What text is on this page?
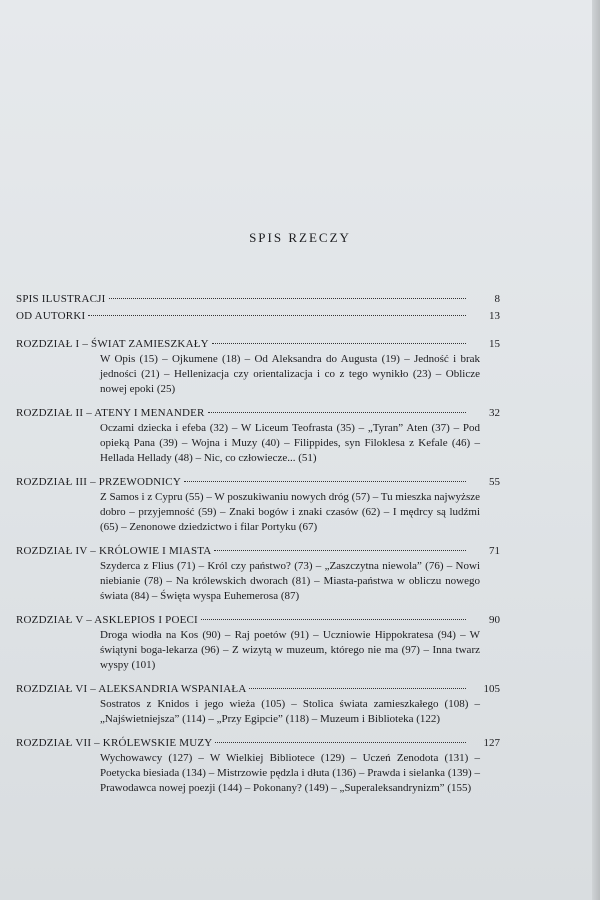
SPIS RZECZY
SPIS ILUSTRACJI	8
OD AUTORKI	13
ROZDZIAŁ I – ŚWIAT ZAMIESZKAŁY	15
W Opis (15) – Ojkumene (18) – Od Aleksandra do Augusta (19) – Jedność i brak jedności (21) – Hellenizacja czy orientalizacja i co z tego wynikło (23) – Oblicze nowej epoki (25)
ROZDZIAŁ II – ATENY I MENANDER	32
Oczami dziecka i efeba (32) – W Liceum Teofrasta (35) – „Tyran” Aten (37) – Pod opieką Pana (39) – Wojna i Muzy (40) – Filippides, syn Filoklesa z Kefale (46) – Hellada Hellady (48) – Nic, co człowiecze... (51)
ROZDZIAŁ III – PRZEWODNICY	55
Z Samos i z Cypru (55) – W poszukiwaniu nowych dróg (57) – Tu mieszka najwyższe dobro – przyjemność (59) – Znaki bogów i znaki czasów (62) – I mędrcy są ludźmi (65) – Zenonowe dziedzictwo i filar Portyku (67)
ROZDZIAŁ IV – KRÓLOWIE I MIASTA	71
Szyderca z Flius (71) – Król czy państwo? (73) – „Zaszczytna niewola” (76) – Nowi niebianie (78) – Na królewskich dworach (81) – Miasta-państwa w obliczu nowego świata (84) – Święta wyspa Euhemerosa (87)
ROZDZIAŁ V – ASKLEPIOS I POECI	90
Droga wiodła na Kos (90) – Raj poetów (91) – Uczniowie Hippokratesa (94) – W świątyni boga-lekarza (96) – Z wizytą w muzeum, którego nie ma (97) – Inna twarz wyspy (101)
ROZDZIAŁ VI – ALEKSANDRIA WSPANIAŁA	105
Sostratos z Knidos i jego wieża (105) – Stolica świata zamieszkałego (108) – „Najświetniejsza” (114) – „Przy Egipcie” (118) – Muzeum i Biblioteka (122)
ROZDZIAŁ VII – KRÓLEWSKIE MUZY	127
Wychowawcy (127) – W Wielkiej Bibliotece (129) – Uczeń Zenodota (131) – Poetycka biesiada (134) – Mistrzowie pędzla i dłuta (136) – Prawda i sielanka (139) – Prawodawca nowej poezji (144) – Pokonany? (149) – „Superaleksandrynizm” (155)
